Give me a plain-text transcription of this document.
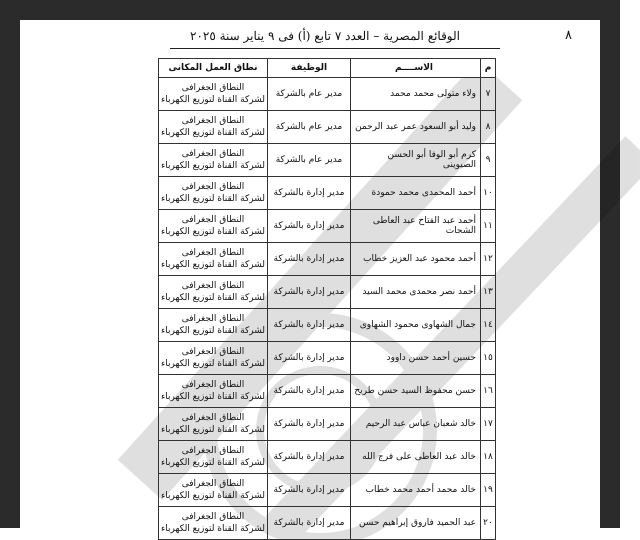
٨
الوقائع المصرية – العدد ٧ تابع (أ) فى ٩ يناير سنة ٢٠٢٥
م	الاســــم	الوظيفة	نطاق العمل المكانى
٧	ولاء متولى محمد محمد	مدير عام بالشركة	النطاق الجغرافى
لشركة القناة لتوزيع الكهرباء

٨	وليد أبو السعود عمر عبد الرحمن	مدير عام بالشركة	النطاق الجغرافى
لشركة القناة لتوزيع الكهرباء

٩	كرم أبو الوفا أبو الحسن الصيوينى	مدير عام بالشركة	النطاق الجغرافى
لشركة القناة لتوزيع الكهرباء

١٠	أحمد المحمدى محمد حمودة	مدير إدارة بالشركة	النطاق الجغرافى
لشركة القناة لتوزيع الكهرباء

١١	أحمد عبد الفتاح عبد العاطى الشحات	مدير إدارة بالشركة	النطاق الجغرافى
لشركة القناة لتوزيع الكهرباء

١٢	أحمد محمود عبد العزيز خطاب	مدير إدارة بالشركة	النطاق الجغرافى
لشركة القناة لتوزيع الكهرباء

١٣	أحمد نصر محمدى محمد السيد	مدير إدارة بالشركة	النطاق الجغرافى
لشركة القناة لتوزيع الكهرباء

١٤	جمال الشهاوى محمود الشهاوى	مدير إدارة بالشركة	النطاق الجغرافى
لشركة القناة لتوزيع الكهرباء

١٥	حسين أحمد حسن داوود	مدير إدارة بالشركة	النطاق الجغرافى
لشركة القناة لتوزيع الكهرباء

١٦	حسن محفوظ السيد حسن طريح	مدير إدارة بالشركة	النطاق الجغرافى
لشركة القناة لتوزيع الكهرباء

١٧	خالد شعبان عباس عبد الرحيم	مدير إدارة بالشركة	النطاق الجغرافى
لشركة القناة لتوزيع الكهرباء

١٨	خالد عبد العاطى على فرج الله	مدير إدارة بالشركة	النطاق الجغرافى
لشركة القناة لتوزيع الكهرباء

١٩	خالد محمد أحمد محمد خطاب	مدير إدارة بالشركة	النطاق الجغرافى
لشركة القناة لتوزيع الكهرباء

٢٠	عبد الحميد فاروق إبراهيم حسن	مدير إدارة بالشركة	النطاق الجغرافى
لشركة القناة لتوزيع الكهرباء
